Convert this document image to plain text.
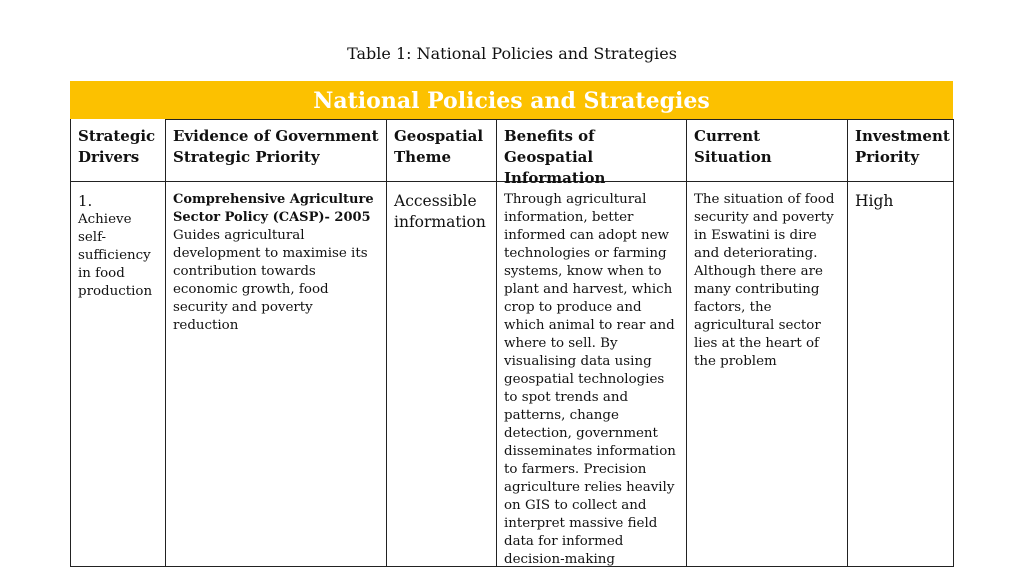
Table 1: National Policies and Strategies
National Policies and Strategies
Strategic Drivers
Evidence of Government Strategic Priority
Geospatial Theme
Benefits of Geospatial Information
Current Situation
Investment Priority
1.
Achieve self-sufficiency in food production
Comprehensive Agriculture Sector Policy (CASP)- 2005
Guides agricultural development to maximise its contribution towards economic growth, food security and poverty reduction
Accessible information
Through agricultural information, better informed can adopt new technologies or farming systems, know when to plant and harvest, which crop to produce and which animal to rear and where to sell. By visualising data using geospatial technologies to spot trends and patterns, change detection, government disseminates information to farmers. Precision agriculture relies heavily on GIS to collect and interpret massive field data for informed decision-making
The situation of food security and poverty in Eswatini is dire and deteriorating. Although there are many contributing factors, the agricultural sector lies at the heart of the problem
High
